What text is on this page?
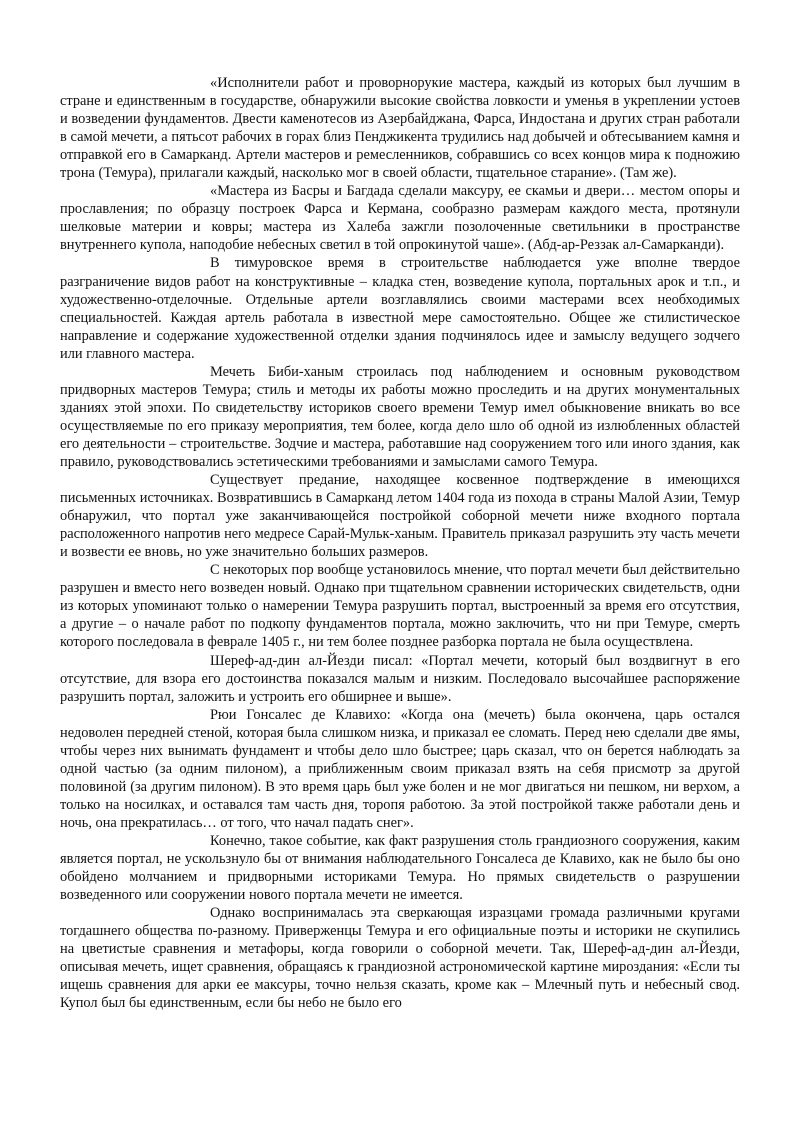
«Исполнители работ и проворнорукие мастера, каждый из которых был лучшим в стране и единственным в государстве, обнаружили высокие свойства ловкости и уменья в укреплении устоев и возведении фундаментов. Двести каменотесов из Азербайджана, Фарса, Индостана и других стран работали в самой мечети, а пятьсот рабочих в горах близ Пенджикента трудились над добычей и обтесыванием камня и отправкой его в Самарканд. Артели мастеров и ремесленников, собравшись со всех концов мира к подножию трона (Темура), прилагали каждый, насколько мог в своей области, тщательное старание». (Там же).

«Мастера из Басры и Багдада сделали максуру, ее скамьи и двери… местом опоры и прославления; по образцу построек Фарса и Кермана, сообразно размерам каждого места, протянули шелковые материи и ковры; мастера из Халеба зажгли позолоченные светильники в пространстве внутреннего купола, наподобие небесных светил в той опрокинутой чаше». (Абд-ар-Реззак ал-Самарканди).

В тимуровское время в строительстве наблюдается уже вполне твердое разграничение видов работ на конструктивные – кладка стен, возведение купола, портальных арок и т.п., и художественно-отделочные. Отдельные артели возглавлялись своими мастерами всех необходимых специальностей. Каждая артель работала в известной мере самостоятельно. Общее же стилистическое направление и содержание художественной отделки здания подчинялось идее и замыслу ведущего зодчего или главного мастера.

Мечеть Биби-ханым строилась под наблюдением и основным руководством придворных мастеров Темура; стиль и методы их работы можно проследить и на других монументальных зданиях этой эпохи. По свидетельству историков своего времени Темур имел обыкновение вникать во все осуществляемые по его приказу мероприятия, тем более, когда дело шло об одной из излюбленных областей его деятельности – строительстве. Зодчие и мастера, работавшие над сооружением того или иного здания, как правило, руководствовались эстетическими требованиями и замыслами самого Темура.

Существует предание, находящее косвенное подтверждение в имеющихся письменных источниках. Возвратившись в Самарканд летом 1404 года из похода в страны Малой Азии, Темур обнаружил, что портал уже заканчивающейся постройкой соборной мечети ниже входного портала расположенного напротив него медресе Сарай-Мульк-ханым. Правитель приказал разрушить эту часть мечети и возвести ее вновь, но уже значительно больших размеров.

С некоторых пор вообще установилось мнение, что портал мечети был действительно разрушен и вместо него возведен новый. Однако при тщательном сравнении исторических свидетельств, одни из которых упоминают только о намерении Темура разрушить портал, выстроенный за время его отсутствия, а другие – о начале работ по подкопу фундаментов портала, можно заключить, что ни при Темуре, смерть которого последовала в феврале 1405 г., ни тем более позднее разборка портала не была осуществлена.

Шереф-ад-дин ал-Йезди писал: «Портал мечети, который был воздвигнут в его отсутствие, для взора его достоинства показался малым и низким. Последовало высочайшее распоряжение разрушить портал, заложить и устроить его обширнее и выше».

Рюи Гонсалес де Клавихо: «Когда она (мечеть) была окончена, царь остался недоволен передней стеной, которая была слишком низка, и приказал ее сломать. Перед нею сделали две ямы, чтобы через них вынимать фундамент и чтобы дело шло быстрее; царь сказал, что он берется наблюдать за одной частью (за одним пилоном), а приближенным своим приказал взять на себя присмотр за другой половиной (за другим пилоном). В это время царь был уже болен и не мог двигаться ни пешком, ни верхом, а только на носилках, и оставался там часть дня, торопя работою. За этой постройкой также работали день и ночь, она прекратилась… от того, что начал падать снег».

Конечно, такое событие, как факт разрушения столь грандиозного сооружения, каким является портал, не ускользнуло бы от внимания наблюдательного Гонсалеса де Клавихо, как не было бы оно обойдено молчанием и придворными историками Темура. Но прямых свидетельств о разрушении возведенного или сооружении нового портала мечети не имеется.

Однако воспринималась эта сверкающая изразцами громада различными кругами тогдашнего общества по-разному. Приверженцы Темура и его официальные поэты и историки не скупились на цветистые сравнения и метафоры, когда говорили о соборной мечети. Так, Шереф-ад-дин ал-Йезди, описывая мечеть, ищет сравнения, обращаясь к грандиозной астрономической картине мироздания: «Если ты ищешь сравнения для арки ее максуры, точно нельзя сказать, кроме как – Млечный путь и небесный свод. Купол был бы единственным, если бы небо не было его
